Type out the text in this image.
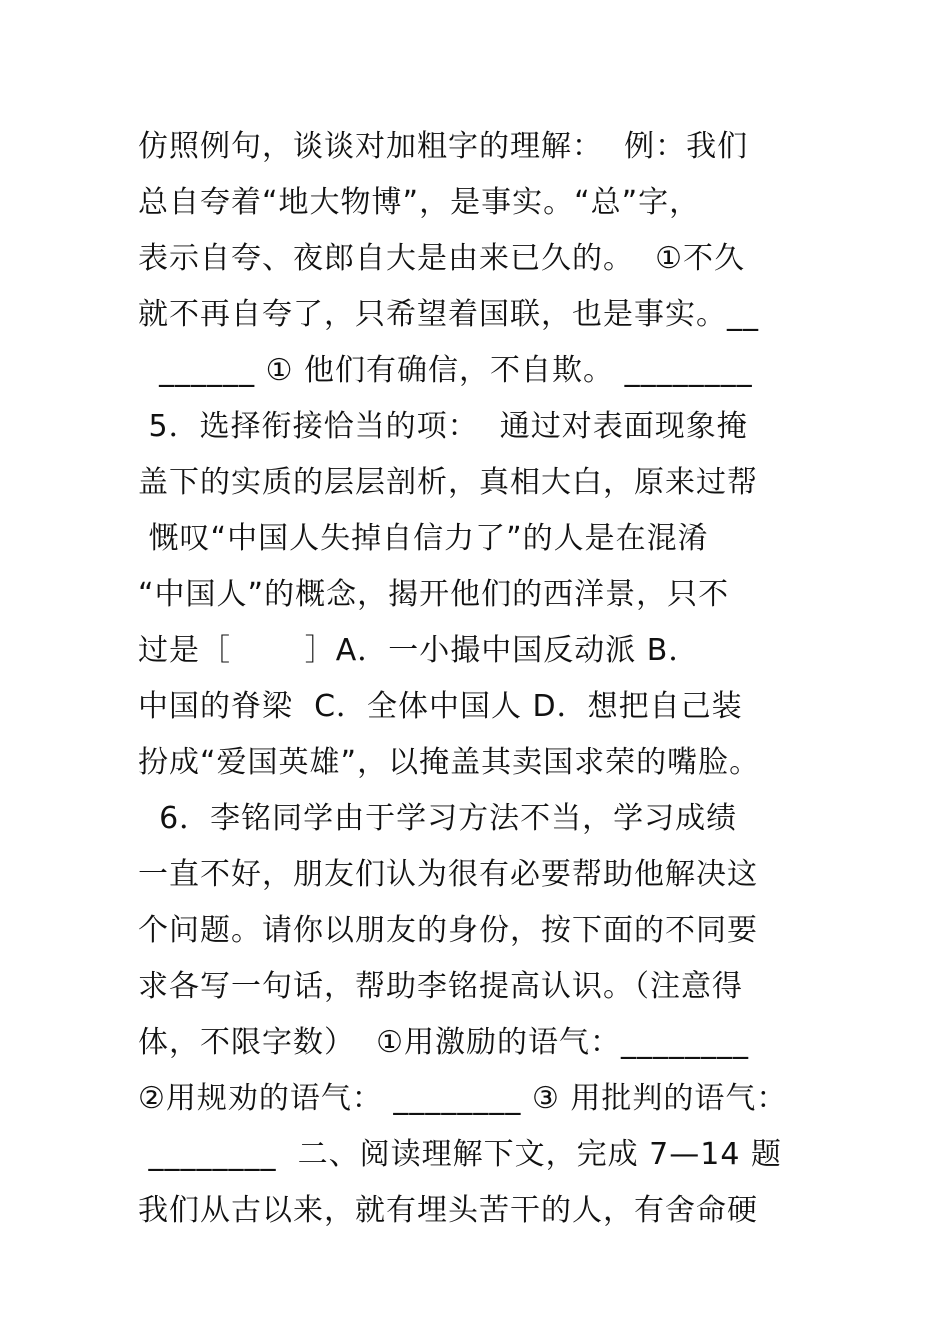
仿照例句，谈谈对加粗字的理解：  例：我们
总自夸着“地大物博”，是事实。“总”字，
表示自夸、夜郎自大是由来已久的。  ①不久
就不再自夸了，只希望着国联，也是事实。__
______ ① 他们有确信，不自欺。 ________
5．选择衔接恰当的项：  通过对表面现象掩
盖下的实质的层层剖析，真相大白，原来过帮
慨叹“中国人失掉自信力了”的人是在混淆
“中国人”的概念，揭开他们的西洋景，只不
过是［       ］A．一小撮中国反动派 B．
中国的脊梁  C．全体中国人 D．想把自己装
扮成“爱国英雄”，以掩盖其卖国求荣的嘴脸。
6．李铭同学由于学习方法不当，学习成绩
一直不好，朋友们认为很有必要帮助他解决这
个问题。请你以朋友的身份，按下面的不同要
求各写一句话，帮助李铭提高认识。（注意得
体，不限字数）  ①用激励的语气：________
②用规劝的语气： ________ ③ 用批判的语气：
________  二、阅读理解下文，完成 7—14 题
我们从古以来，就有埋头苦干的人，有舍命硬
